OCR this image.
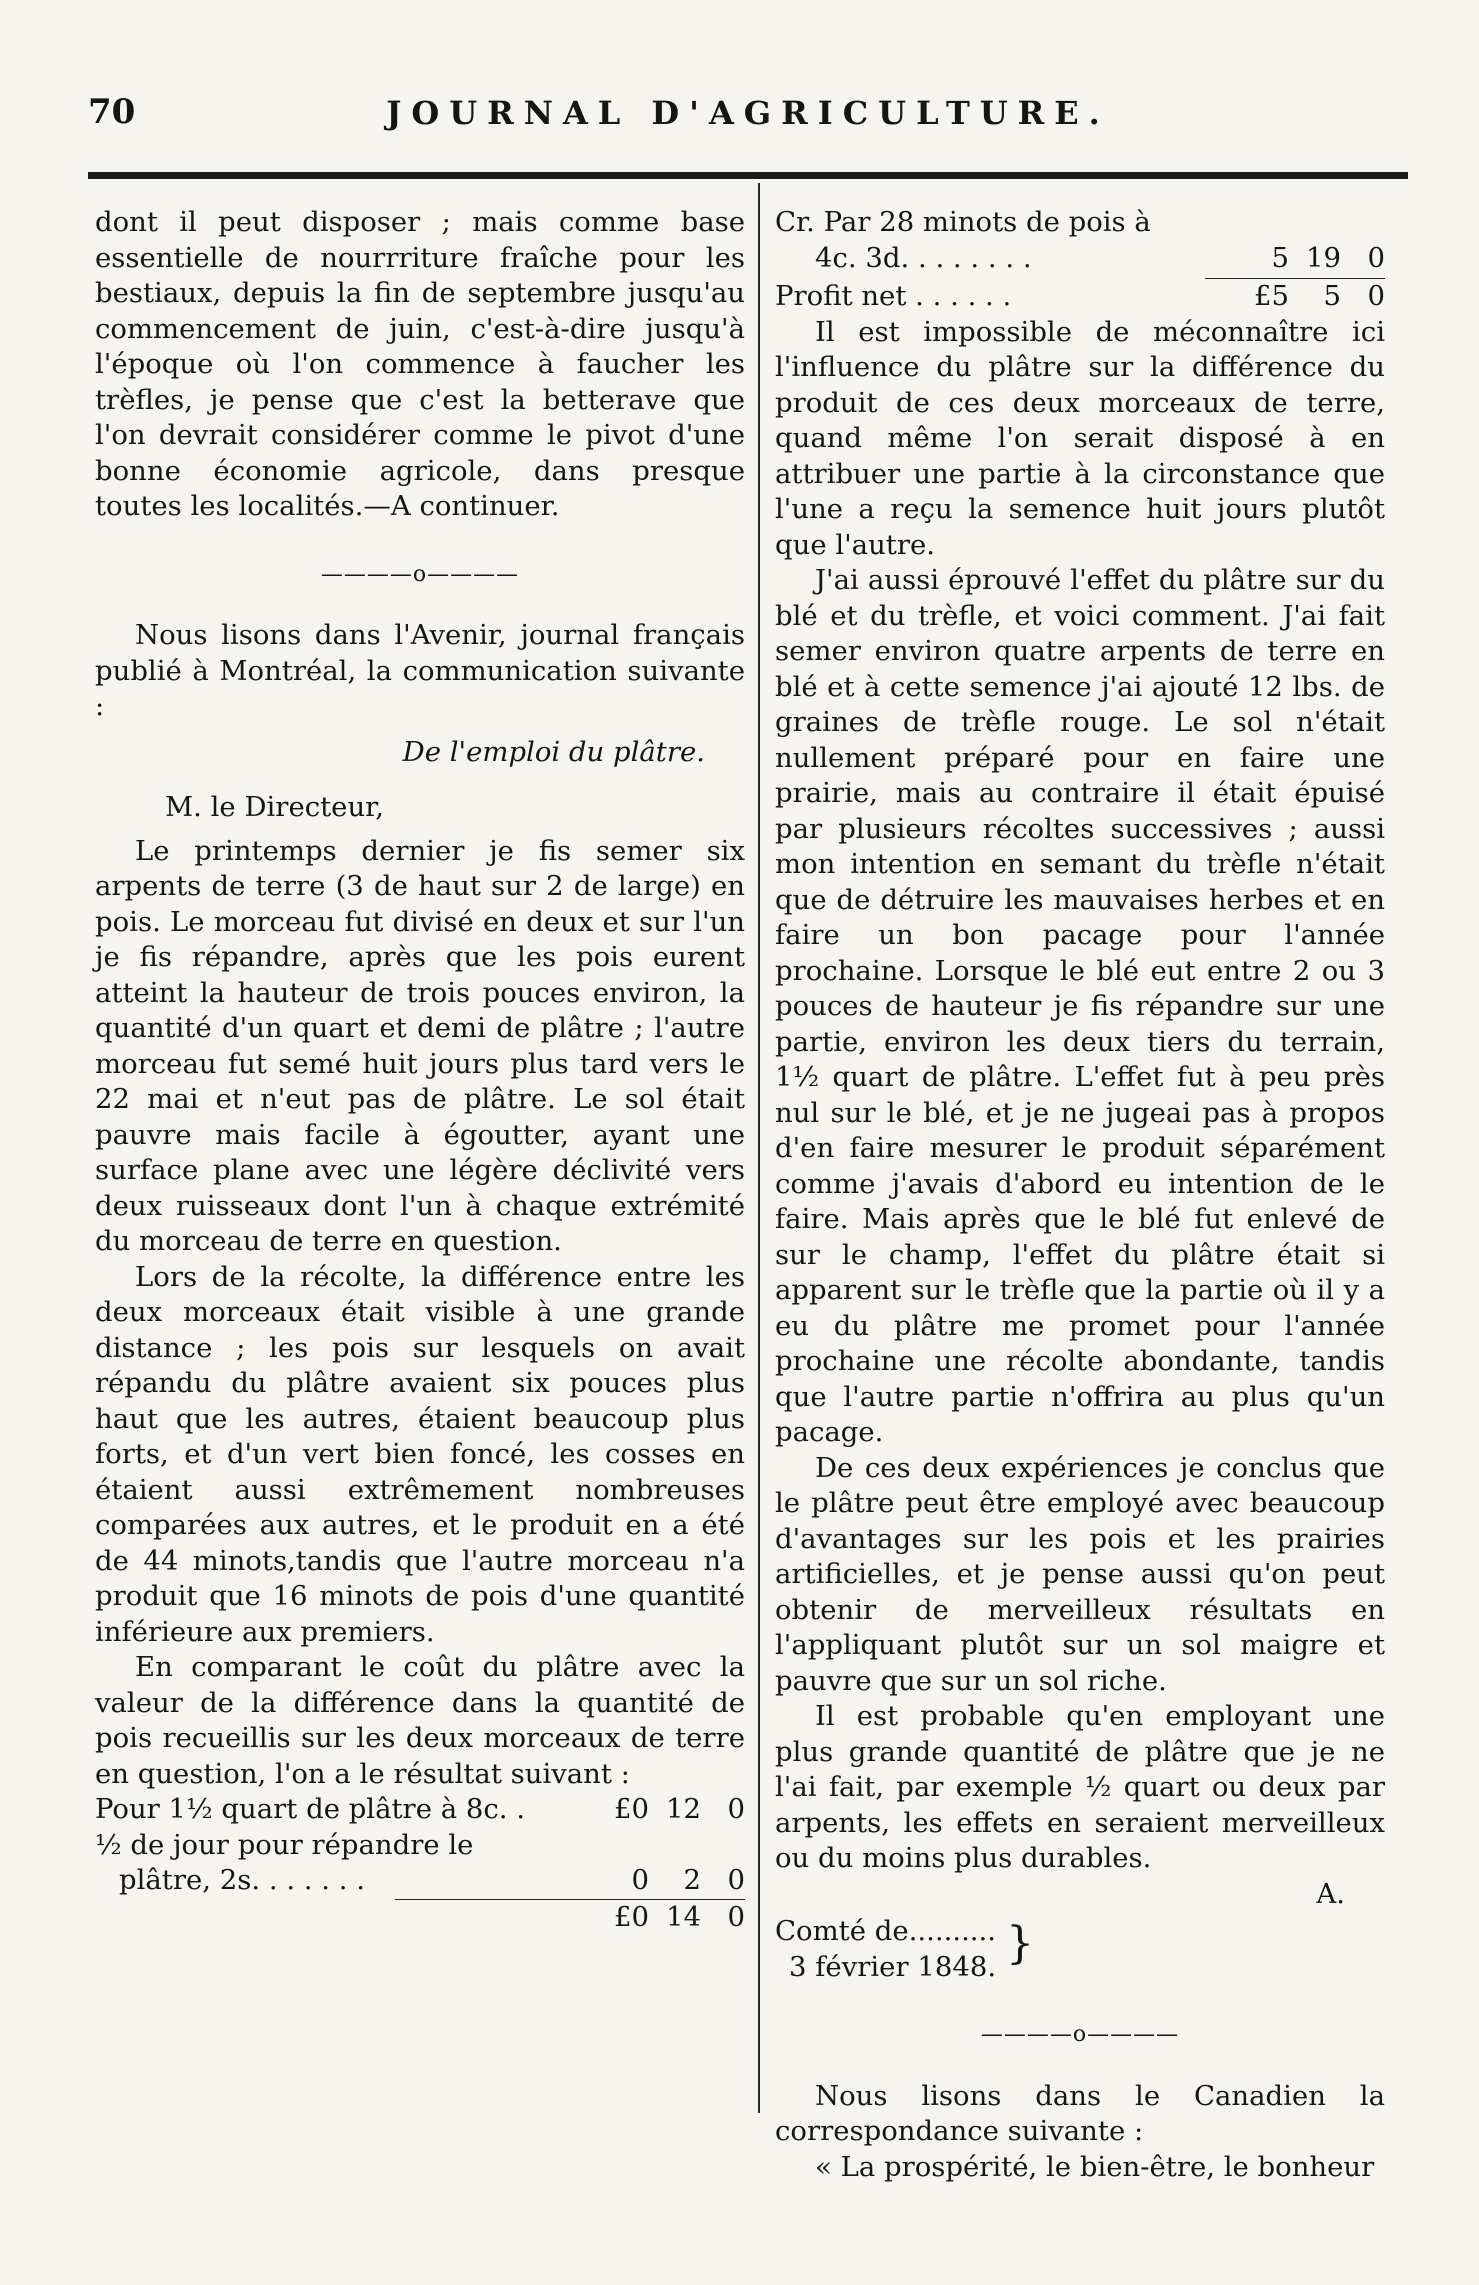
70	JOURNAL D'AGRICULTURE.

dont il peut disposer ; mais comme base essentielle de nourrriture fraîche pour les bestiaux, depuis la fin de septembre jusqu'au commencement de juin, c'est-à-dire jusqu'à l'époque où l'on commence à faucher les trèfles, je pense que c'est la betterave que l'on devrait considérer comme le pivot d'une bonne économie agricole, dans presque toutes les localités.—A continuer.

————o————

Nous lisons dans l'Avenir, journal français publié à Montréal, la communication suivante :

De l'emploi du plâtre.

M. le Directeur,

Le printemps dernier je fis semer six arpents de terre (3 de haut sur 2 de large) en pois. Le morceau fut divisé en deux et sur l'un je fis répandre, après que les pois eurent atteint la hauteur de trois pouces environ, la quantité d'un quart et demi de plâtre ; l'autre morceau fut semé huit jours plus tard vers le 22 mai et n'eut pas de plâtre. Le sol était pauvre mais facile à égoutter, ayant une surface plane avec une légère déclivité vers deux ruisseaux dont l'un à chaque extrémité du morceau de terre en question.

Lors de la récolte, la différence entre les deux morceaux était visible à une grande distance ; les pois sur lesquels on avait répandu du plâtre avaient six pouces plus haut que les autres, étaient beaucoup plus forts, et d'un vert bien foncé, les cosses en étaient aussi extrêmement nombreuses comparées aux autres, et le produit en a été de 44 minots,tandis que l'autre morceau n'a produit que 16 minots de pois d'une quantité inférieure aux premiers.

En comparant le coût du plâtre avec la valeur de la différence dans la quantité de pois recueillis sur les deux morceaux de terre en question, l'on a le résultat suivant :

Pour 1½ quart de plâtre à 8c. .	£0 12 0
½ de jour pour répandre le
plâtre, 2s. . . . . . .	0	2 0
£0 14 0
Cr. Par 28 minots de pois à
4c. 3d. . . . . . . .	5 19 0
Profit net . . . . . .	£5	5 0

Il est impossible de méconnaître ici l'influence du plâtre sur la différence du produit de ces deux morceaux de terre, quand même l'on serait disposé à en attribuer une partie à la circonstance que l'une a reçu la semence huit jours plutôt que l'autre.

J'ai aussi éprouvé l'effet du plâtre sur du blé et du trèfle, et voici comment. J'ai fait semer environ quatre arpents de terre en blé et à cette semence j'ai ajouté 12 lbs. de graines de trèfle rouge. Le sol n'était nullement préparé pour en faire une prairie, mais au contraire il était épuisé par plusieurs récoltes successives ; aussi mon intention en semant du trèfle n'était que de détruire les mauvaises herbes et en faire un bon pacage pour l'année prochaine. Lorsque le blé eut entre 2 ou 3 pouces de hauteur je fis répandre sur une partie, environ les deux tiers du terrain, 1½ quart de plâtre. L'effet fut à peu près nul sur le blé, et je ne jugeai pas à propos d'en faire mesurer le produit séparément comme j'avais d'abord eu intention de le faire. Mais après que le blé fut enlevé de sur le champ, l'effet du plâtre était si apparent sur le trèfle que la partie où il y a eu du plâtre me promet pour l'année prochaine une récolte abondante, tandis que l'autre partie n'offrira au plus qu'un pacage.

De ces deux expériences je conclus que le plâtre peut être employé avec beaucoup d'avantages sur les pois et les prairies artificielles, et je pense aussi qu'on peut obtenir de merveilleux résultats en l'appliquant plutôt sur un sol maigre et pauvre que sur un sol riche.

Il est probable qu'en employant une plus grande quantité de plâtre que je ne l'ai fait, par exemple ½ quart ou deux par arpents, les effets en seraient merveilleux ou du moins plus durables.

A.
Comté de..........
3 février 1848. }

————o————

Nous lisons dans le Canadien la correspondance suivante :

« La prospérité, le bien-être, le bonheur
